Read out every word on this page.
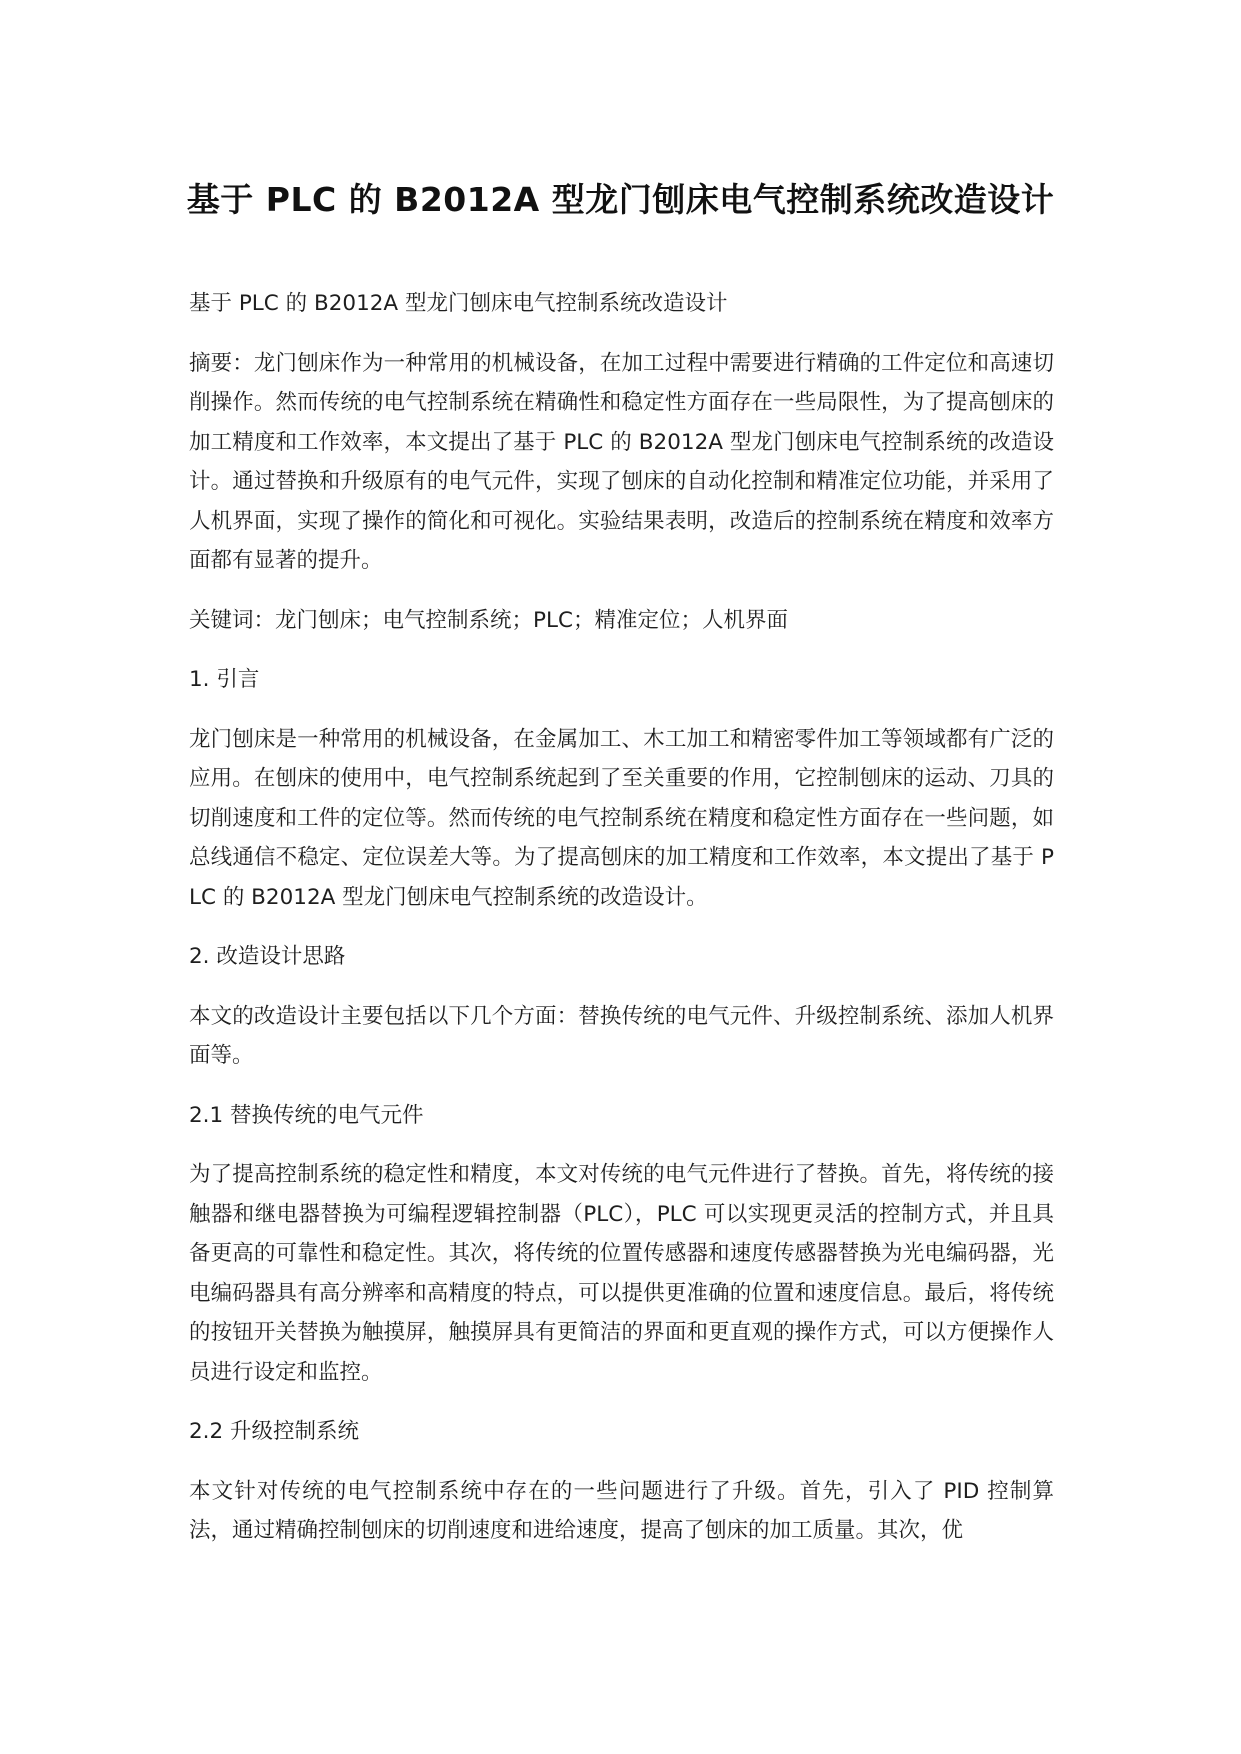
基于 PLC 的 B2012A 型龙门刨床电气控制系统改造设计

基于 PLC 的 B2012A 型龙门刨床电气控制系统改造设计

摘要：龙门刨床作为一种常用的机械设备，在加工过程中需要进行精确的工件定位和高速切削操作。然而传统的电气控制系统在精确性和稳定性方面存在一些局限性，为了提高刨床的加工精度和工作效率，本文提出了基于 PLC 的 B2012A 型龙门刨床电气控制系统的改造设计。通过替换和升级原有的电气元件，实现了刨床的自动化控制和精准定位功能，并采用了人机界面，实现了操作的简化和可视化。实验结果表明，改造后的控制系统在精度和效率方面都有显著的提升。

关键词：龙门刨床；电气控制系统；PLC；精准定位；人机界面

1. 引言

龙门刨床是一种常用的机械设备，在金属加工、木工加工和精密零件加工等领域都有广泛的应用。在刨床的使用中，电气控制系统起到了至关重要的作用，它控制刨床的运动、刀具的切削速度和工件的定位等。然而传统的电气控制系统在精度和稳定性方面存在一些问题，如总线通信不稳定、定位误差大等。为了提高刨床的加工精度和工作效率，本文提出了基于 PLC 的 B2012A 型龙门刨床电气控制系统的改造设计。

2. 改造设计思路

本文的改造设计主要包括以下几个方面：替换传统的电气元件、升级控制系统、添加人机界面等。

2.1 替换传统的电气元件

为了提高控制系统的稳定性和精度，本文对传统的电气元件进行了替换。首先，将传统的接触器和继电器替换为可编程逻辑控制器（PLC），PLC 可以实现更灵活的控制方式，并且具备更高的可靠性和稳定性。其次，将传统的位置传感器和速度传感器替换为光电编码器，光电编码器具有高分辨率和高精度的特点，可以提供更准确的位置和速度信息。最后，将传统的按钮开关替换为触摸屏，触摸屏具有更简洁的界面和更直观的操作方式，可以方便操作人员进行设定和监控。

2.2 升级控制系统

本文针对传统的电气控制系统中存在的一些问题进行了升级。首先，引入了 PID 控制算法，通过精确控制刨床的切削速度和进给速度，提高了刨床的加工质量。其次，优
